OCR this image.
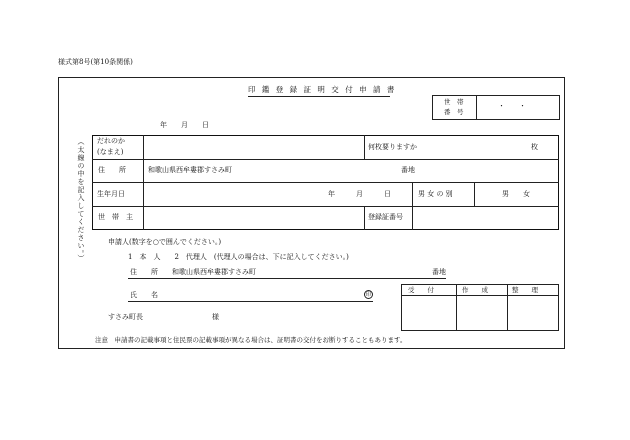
様式第8号(第10条関係)
印 鑑 登 録 証 明 交 付 申 請 書
世　帯
番　号
・　　・
年　　月　　日
（太線の中を記入してください。） だれのか
(なまえ)
何枚要りますか	枚
住　　所	和歌山県西牟婁郡すさみ町	番地
生年月日	年　　　月　　　日	男 女 の 別	男　　女
世　帯　主	登録証番号
申請人(数字を○で囲んでください。)
1　本　人　　2　代理人　(代理人の場合は、下に記入してください。)
住　　所 和歌山県西牟婁郡すさみ町	番地
氏　　名	印
すさみ町長	様
受　　付	作　　成	整　　理
注意　申請書の記載事項と住民票の記載事項が異なる場合は、証明書の交付をお断りすることもあります。
